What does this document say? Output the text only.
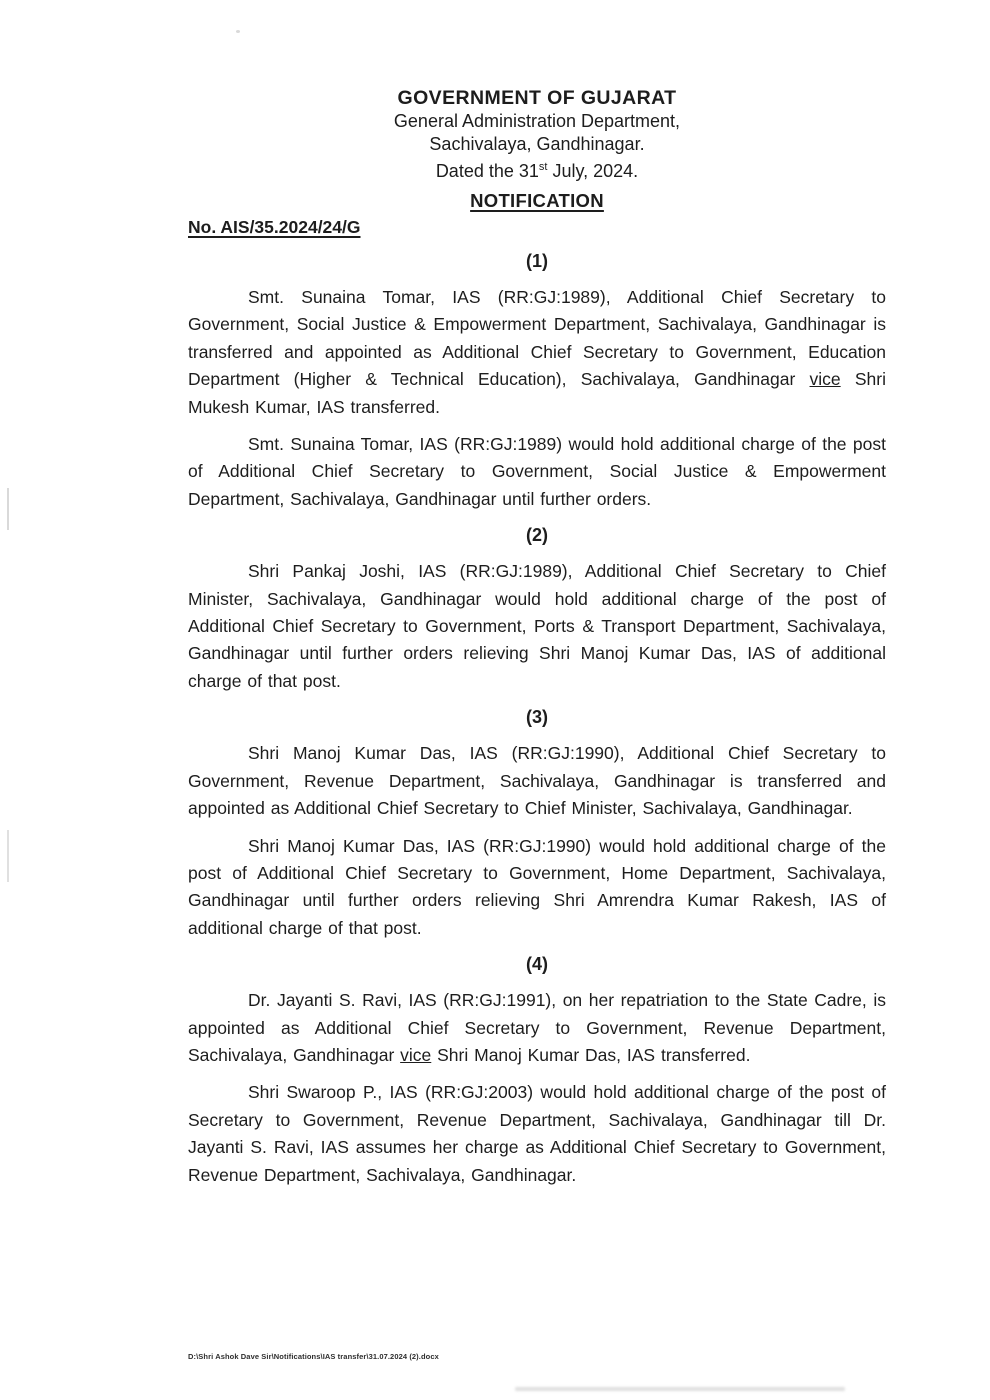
GOVERNMENT OF GUJARAT
General Administration Department,
Sachivalaya, Gandhinagar.
Dated the 31st July, 2024.
NOTIFICATION
No. AIS/35.2024/24/G
(1)

Smt. Sunaina Tomar, IAS (RR:GJ:1989), Additional Chief Secretary to Government, Social Justice & Empowerment Department, Sachivalaya, Gandhinagar is transferred and appointed as Additional Chief Secretary to Government, Education Department (Higher & Technical Education), Sachivalaya, Gandhinagar vice Shri Mukesh Kumar, IAS transferred.

Smt. Sunaina Tomar, IAS (RR:GJ:1989) would hold additional charge of the post of Additional Chief Secretary to Government, Social Justice & Empowerment Department, Sachivalaya, Gandhinagar until further orders.

(2)

Shri Pankaj Joshi, IAS (RR:GJ:1989), Additional Chief Secretary to Chief Minister, Sachivalaya, Gandhinagar would hold additional charge of the post of Additional Chief Secretary to Government, Ports & Transport Department, Sachivalaya, Gandhinagar until further orders relieving Shri Manoj Kumar Das, IAS of additional charge of that post.

(3)

Shri Manoj Kumar Das, IAS (RR:GJ:1990), Additional Chief Secretary to Government, Revenue Department, Sachivalaya, Gandhinagar is transferred and appointed as Additional Chief Secretary to Chief Minister, Sachivalaya, Gandhinagar.

Shri Manoj Kumar Das, IAS (RR:GJ:1990) would hold additional charge of the post of Additional Chief Secretary to Government, Home Department, Sachivalaya, Gandhinagar until further orders relieving Shri Amrendra Kumar Rakesh, IAS of additional charge of that post.

(4)

Dr. Jayanti S. Ravi, IAS (RR:GJ:1991), on her repatriation to the State Cadre, is appointed as Additional Chief Secretary to Government, Revenue Department, Sachivalaya, Gandhinagar vice Shri Manoj Kumar Das, IAS transferred.

Shri Swaroop P., IAS (RR:GJ:2003) would hold additional charge of the post of Secretary to Government, Revenue Department, Sachivalaya, Gandhinagar till Dr. Jayanti S. Ravi, IAS assumes her charge as Additional Chief Secretary to Government, Revenue Department, Sachivalaya, Gandhinagar.

D:\Shri Ashok Dave Sir\Notifications\IAS transfer\31.07.2024 (2).docx
